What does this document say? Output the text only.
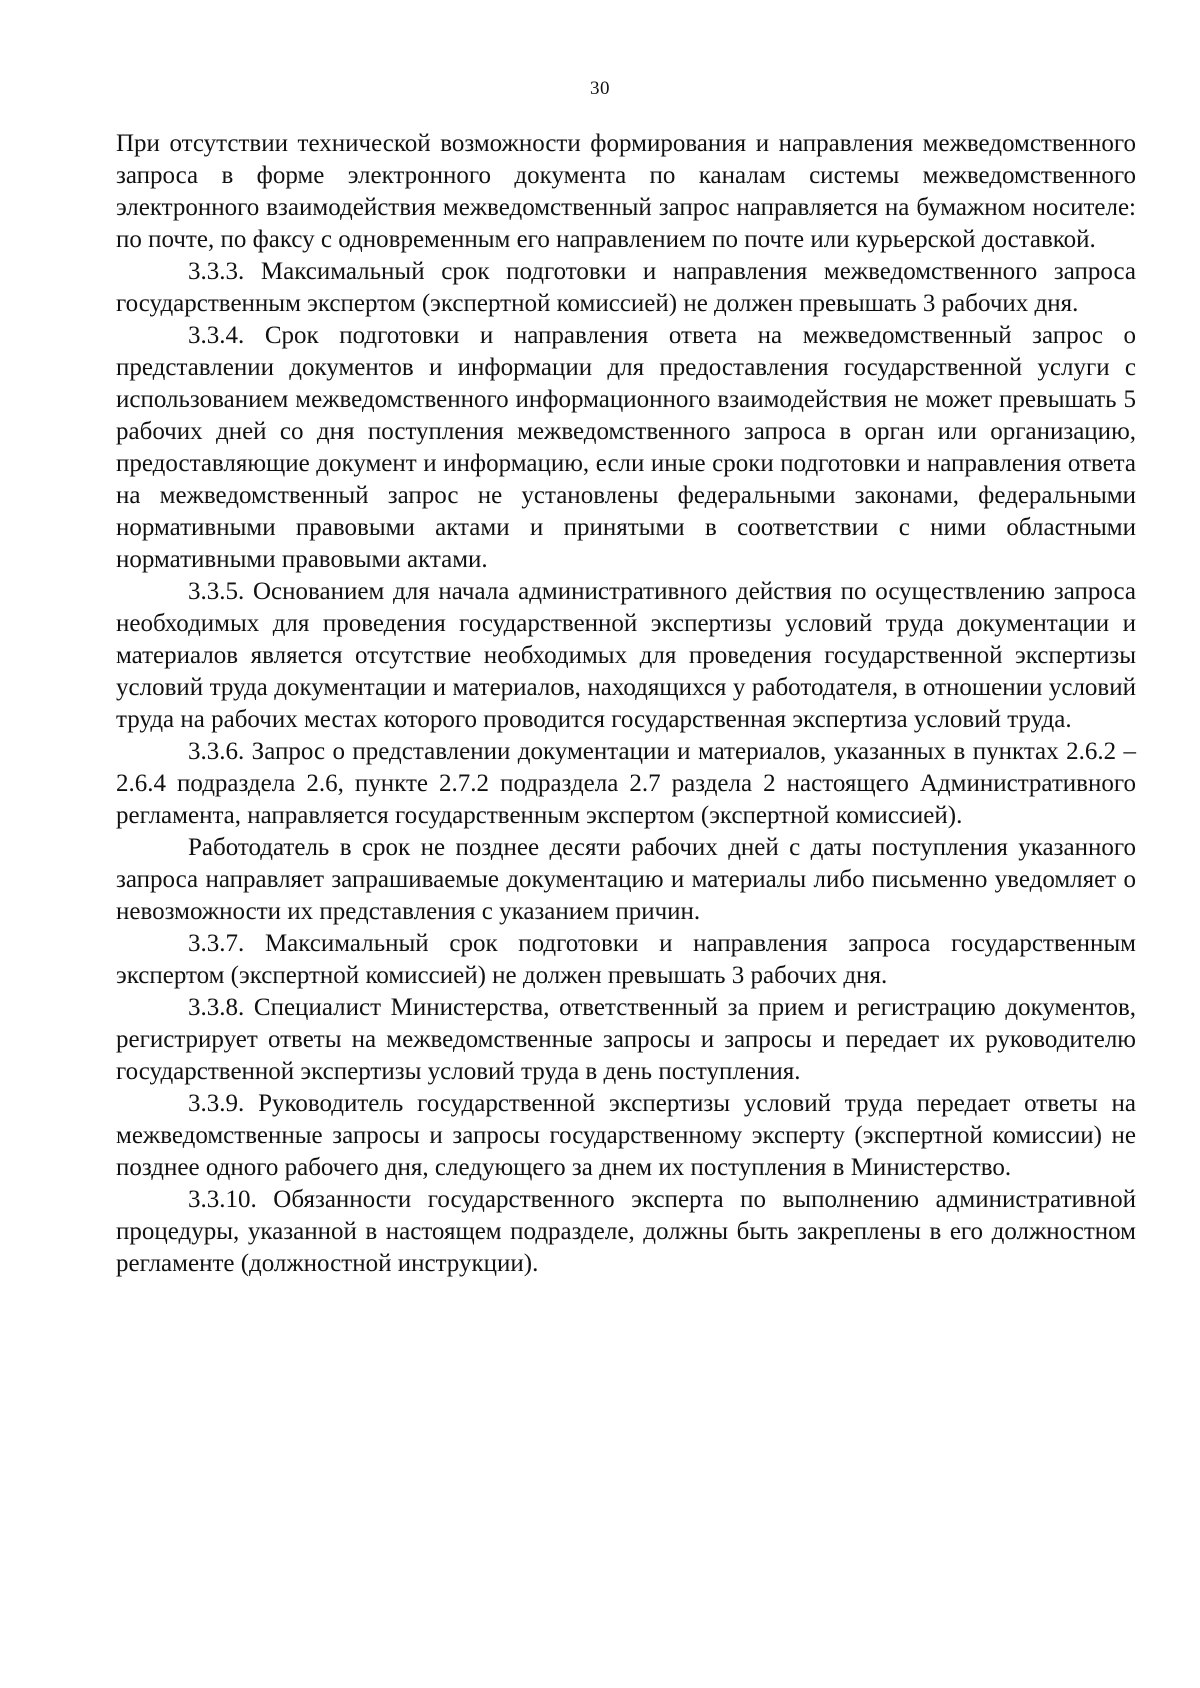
30

При отсутствии технической возможности формирования и направления межведомственного запроса в форме электронного документа по каналам системы межведомственного электронного взаимодействия межведомственный запрос направляется на бумажном носителе: по почте, по факсу с одновременным его направлением по почте или курьерской доставкой.

3.3.3. Максимальный срок подготовки и направления межведомственного запроса государственным экспертом (экспертной комиссией) не должен превышать 3 рабочих дня.

3.3.4. Срок подготовки и направления ответа на межведомственный запрос о представлении документов и информации для предоставления государственной услуги с использованием межведомственного информационного взаимодействия не может превышать 5 рабочих дней со дня поступления межведомственного запроса в орган или организацию, предоставляющие документ и информацию, если иные сроки подготовки и направления ответа на межведомственный запрос не установлены федеральными законами, федеральными нормативными правовыми актами и принятыми в соответствии с ними областными нормативными правовыми актами.

3.3.5. Основанием для начала административного действия по осуществлению запроса необходимых для проведения государственной экспертизы условий труда документации и материалов является отсутствие необходимых для проведения государственной экспертизы условий труда документации и материалов, находящихся у работодателя, в отношении условий труда на рабочих местах которого проводится государственная экспертиза условий труда.

3.3.6. Запрос о представлении документации и материалов, указанных в пунктах 2.6.2 – 2.6.4 подраздела 2.6, пункте 2.7.2 подраздела 2.7 раздела 2 настоящего Административного регламента, направляется государственным экспертом (экспертной комиссией).

Работодатель в срок не позднее десяти рабочих дней с даты поступления указанного запроса направляет запрашиваемые документацию и материалы либо письменно уведомляет о невозможности их представления с указанием причин.

3.3.7. Максимальный срок подготовки и направления запроса государственным экспертом (экспертной комиссией) не должен превышать 3 рабочих дня.

3.3.8. Специалист Министерства, ответственный за прием и регистрацию документов, регистрирует ответы на межведомственные запросы и запросы и передает их руководителю государственной экспертизы условий труда в день поступления.

3.3.9. Руководитель государственной экспертизы условий труда передает ответы на межведомственные запросы и запросы государственному эксперту (экспертной комиссии) не позднее одного рабочего дня, следующего за днем их поступления в Министерство.

3.3.10. Обязанности государственного эксперта по выполнению административной процедуры, указанной в настоящем подразделе, должны быть закреплены в его должностном регламенте (должностной инструкции).
